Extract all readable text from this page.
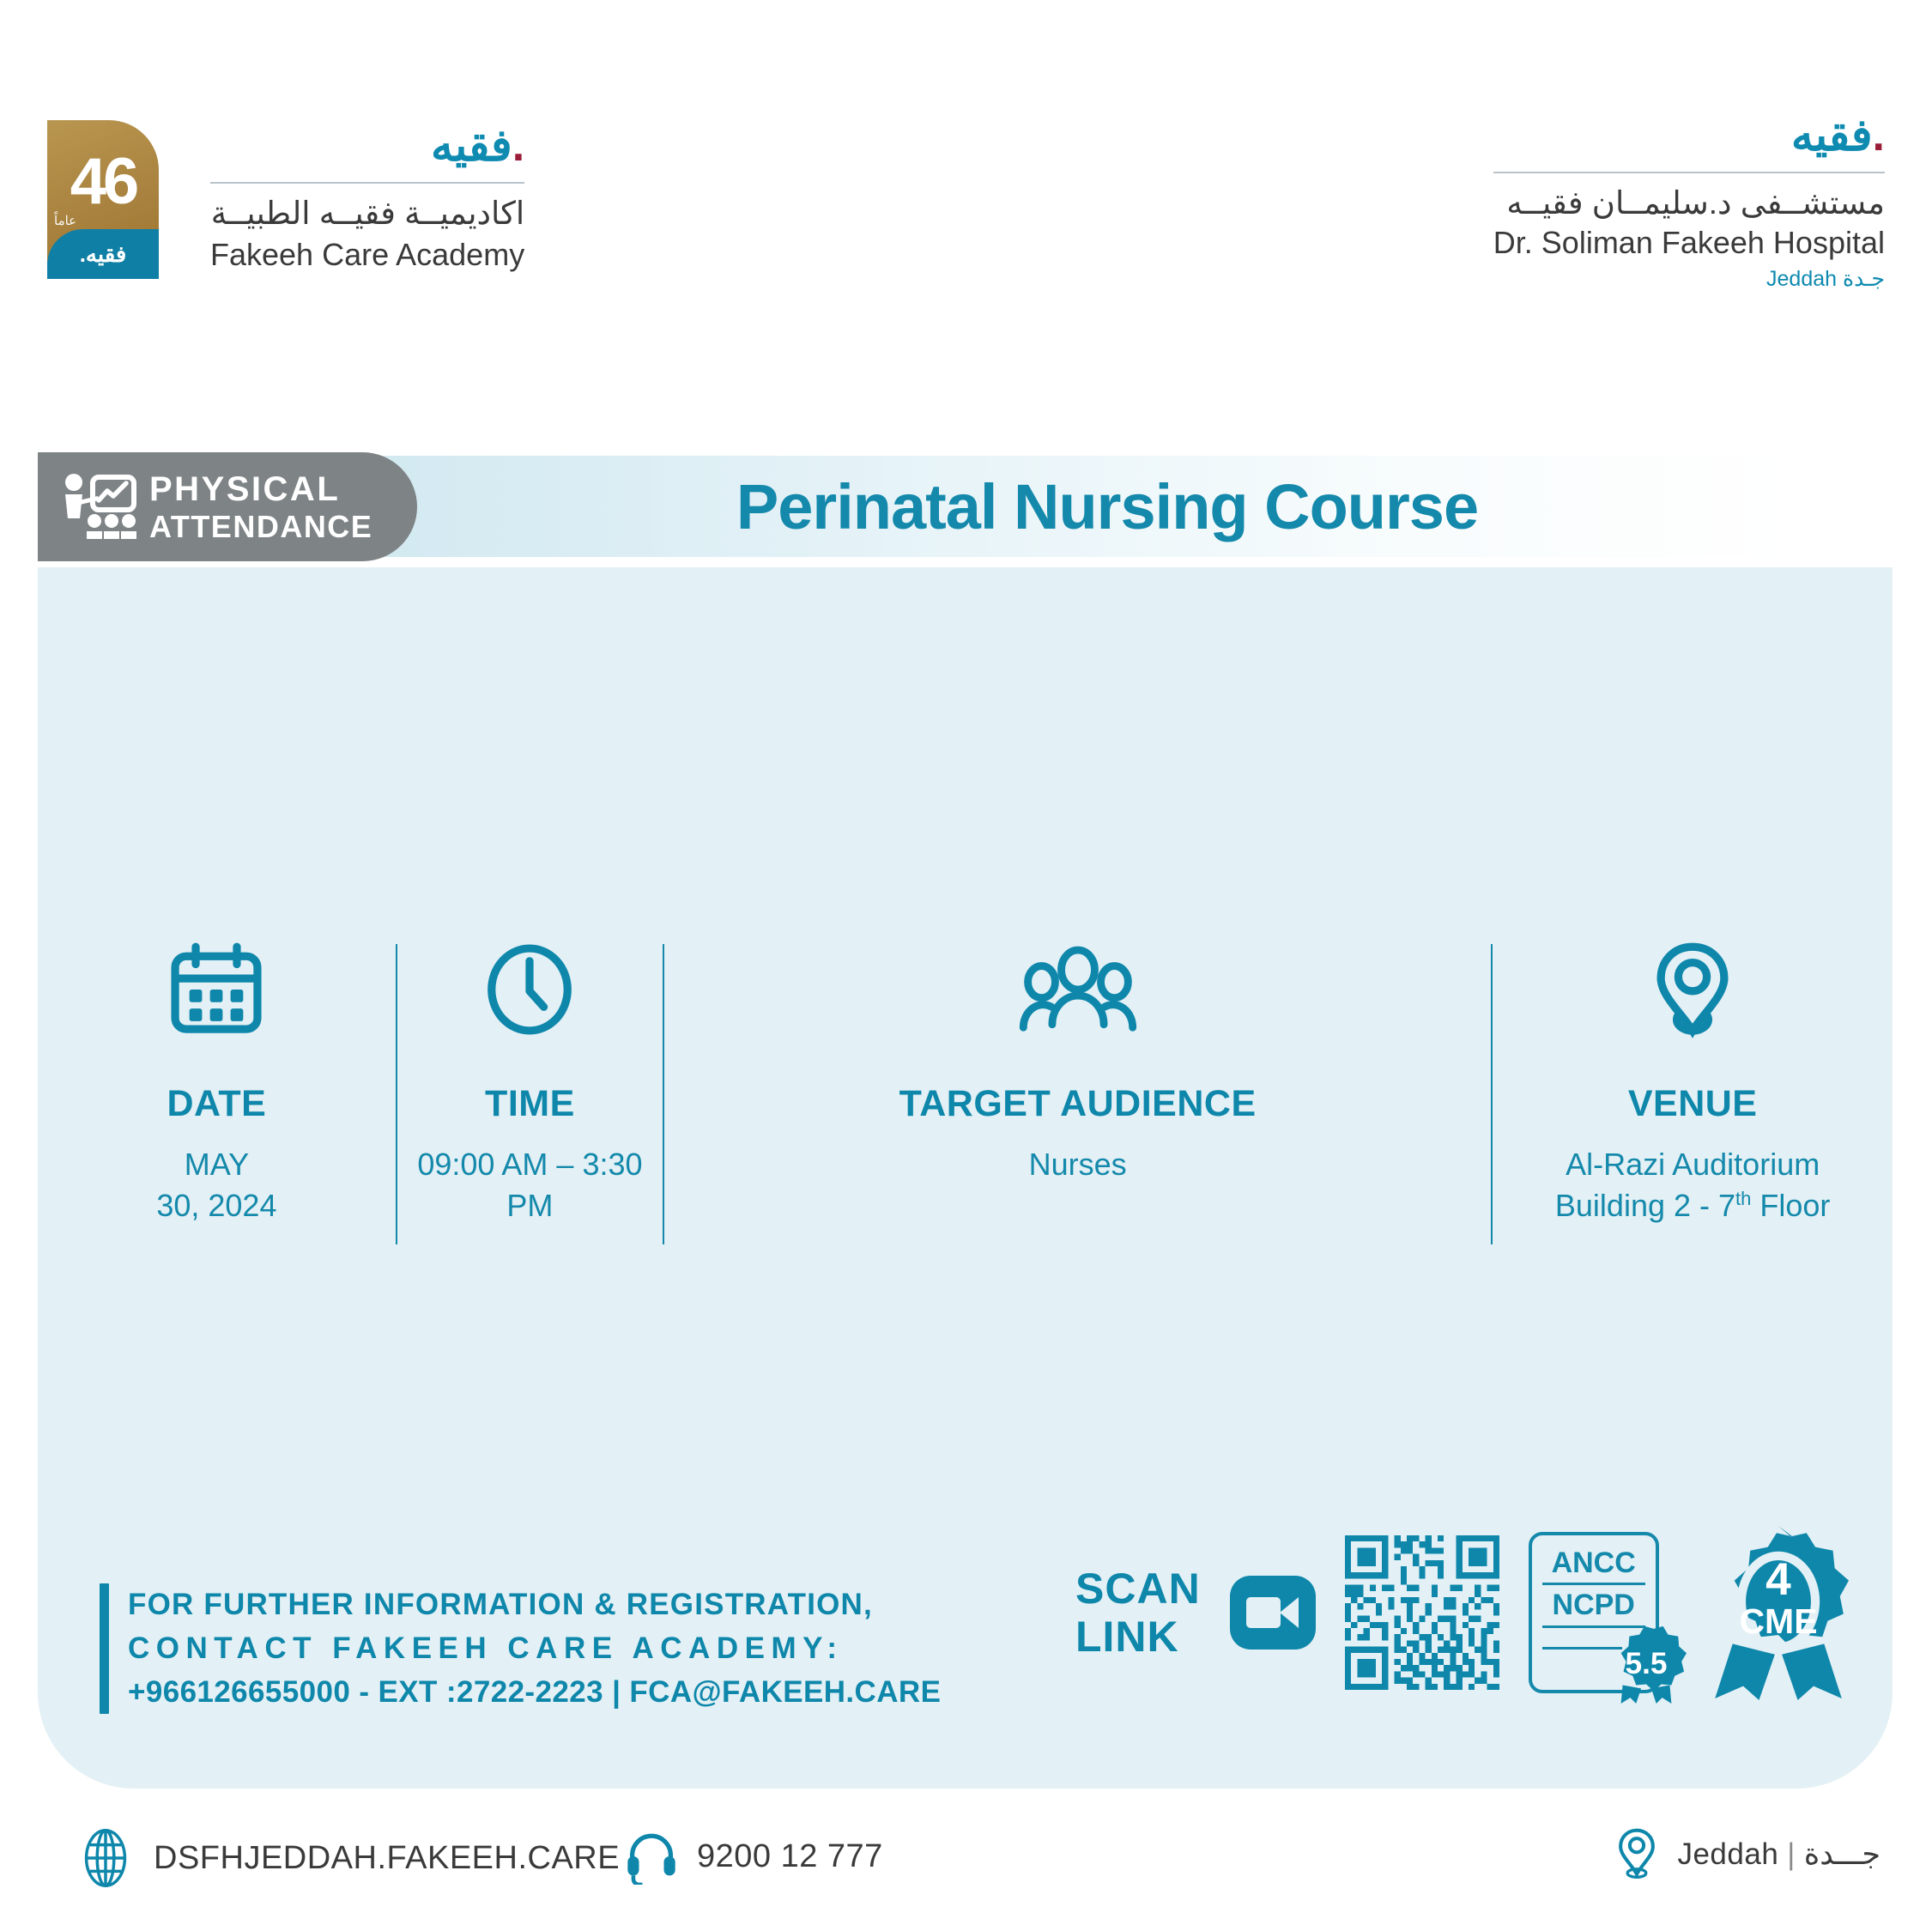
46
عاماً
فقيه.
.فقيه
اكاديميــة فقيــه الطبيــة
Fakeeh Care Academy
.فقيه
مستشــفى د.سليمــان فقيــه
Dr. Soliman Fakeeh Hospital
جـدة Jeddah
Perinatal Nursing Course
PHYSICAL
ATTENDANCE
DATE
MAY
30, 2024
TIME
09:00 AM – 3:30 PM
TARGET AUDIENCE
Nurses
VENUE
Al-Razi Auditorium
Building 2 - 7th Floor
FOR FURTHER INFORMATION & REGISTRATION,
CONTACT FAKEEH CARE ACADEMY:
+966126655000 - EXT :2722-2223 | FCA@FAKEEH.CARE
SCAN
LINK
ANCC
NCPD
5.5
4
CME
DSFHJEDDAH.FAKEEH.CARE 9200 12 777	Jeddah | جـــدة
